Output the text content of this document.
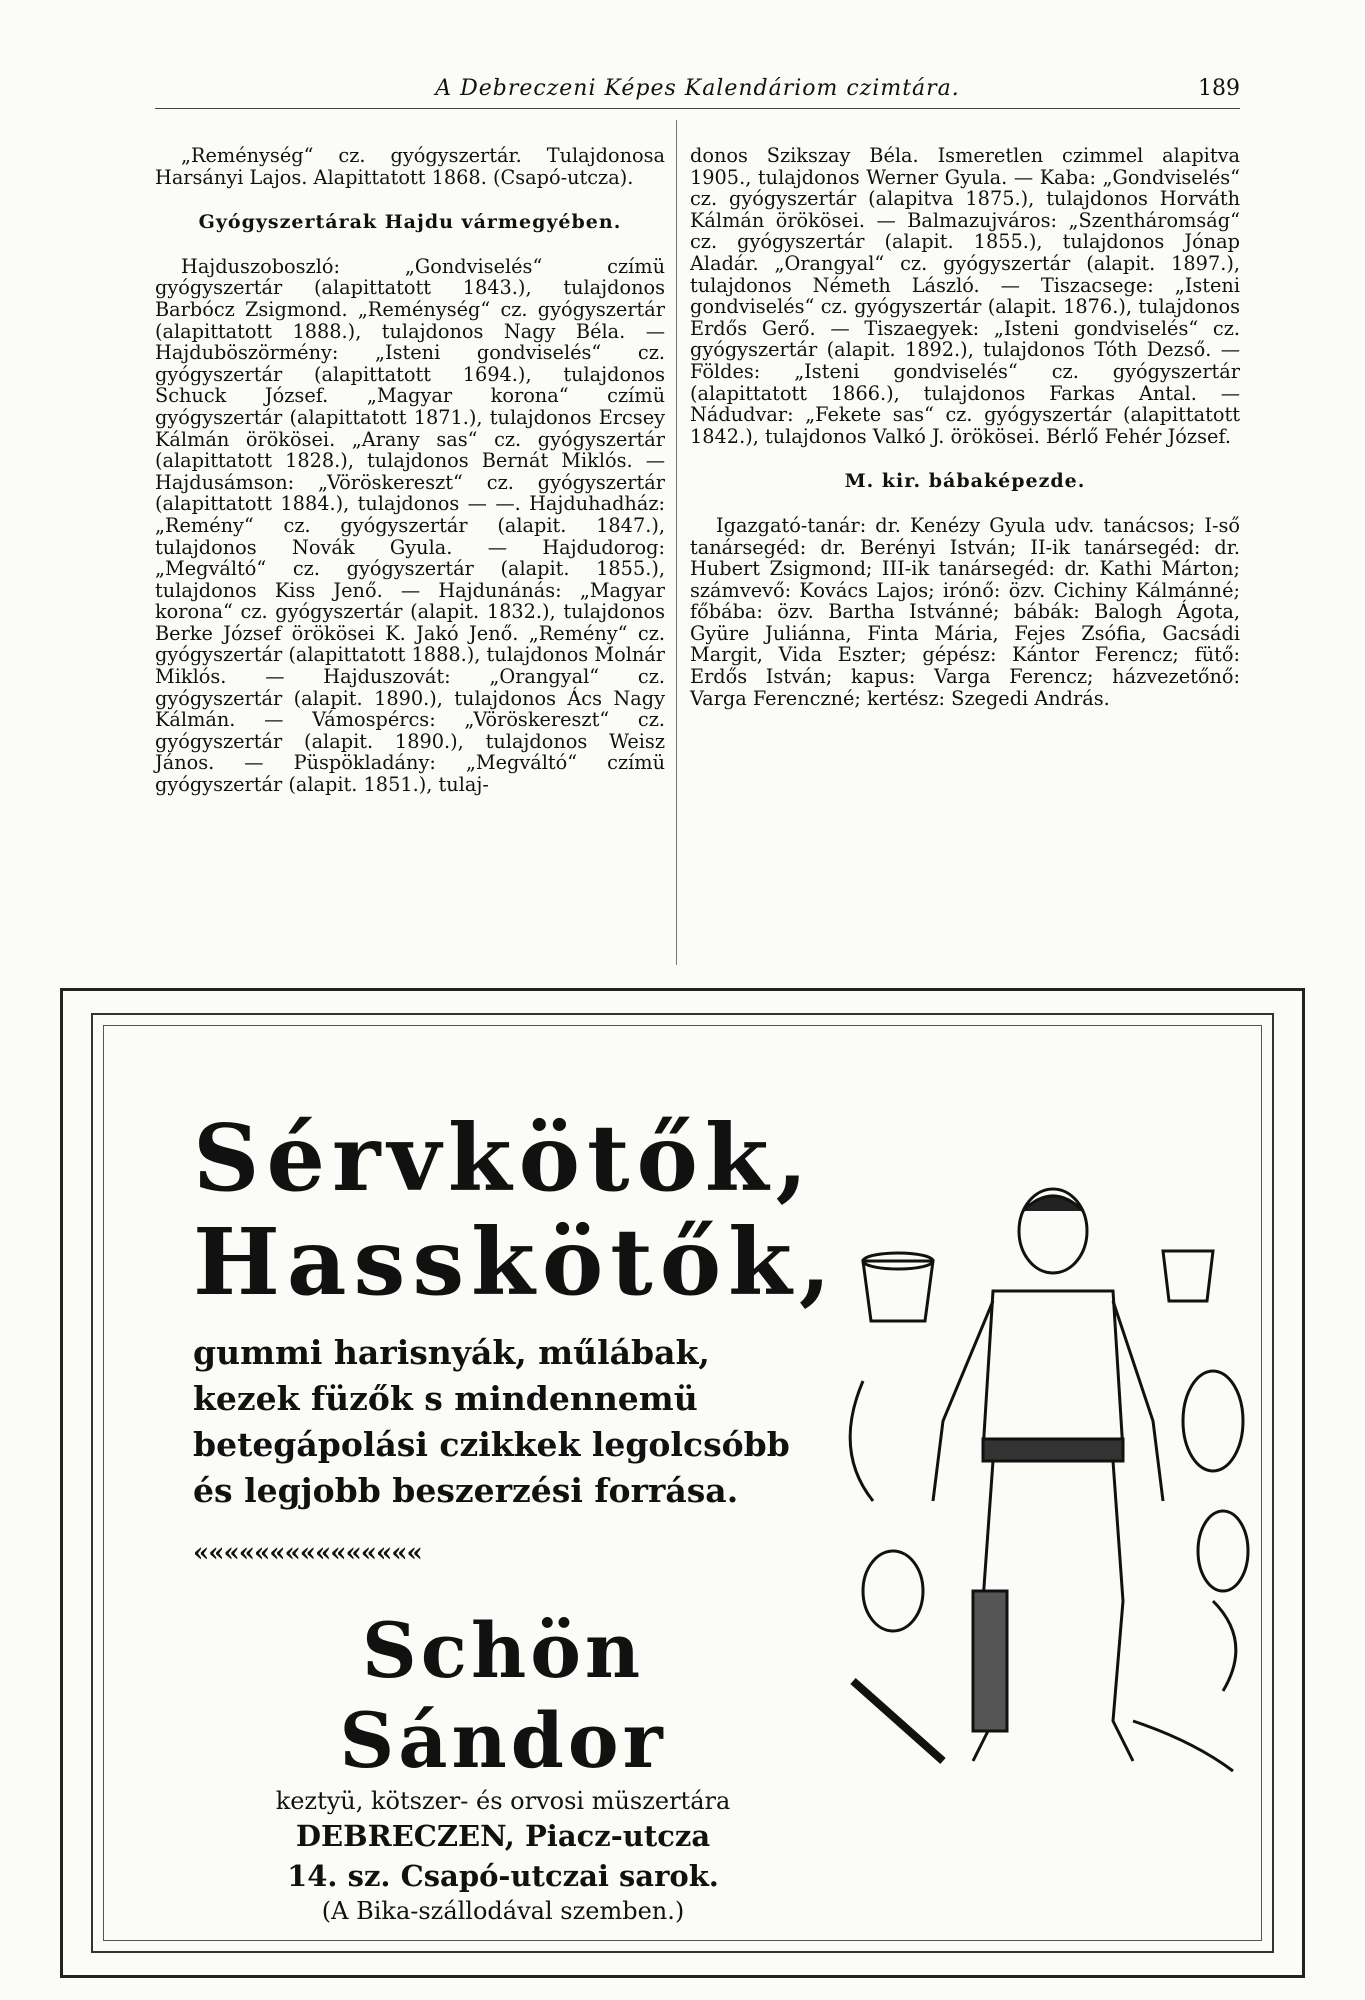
A Debreczeni Képes Kalendáriom czimtára.	189

„Reménység“ cz. gyógyszertár. Tulajdonosa Harsányi Lajos. Alapittatott 1868. (Csapó-utcza).

Gyógyszertárak Hajdu vármegyében.

Hajduszoboszló: „Gondviselés“ czímü gyógyszertár (alapittatott 1843.), tulajdonos Barbócz Zsigmond. „Reménység“ cz. gyógyszertár (alapittatott 1888.), tulajdonos Nagy Béla. — Hajduböszörmény: „Isteni gondviselés“ cz. gyógyszertár (alapittatott 1694.), tulajdonos Schuck József. „Magyar korona“ czímü gyógyszertár (alapittatott 1871.), tulajdonos Ercsey Kálmán örökösei. „Arany sas“ cz. gyógyszertár (alapittatott 1828.), tulajdonos Bernát Miklós. — Hajdusámson: „Vöröskereszt“ cz. gyógyszertár (alapittatott 1884.), tulajdonos — —. Hajduhadház: „Remény“ cz. gyógyszertár (alapit. 1847.), tulajdonos Novák Gyula. — Hajdudorog: „Megváltó“ cz. gyógyszertár (alapit. 1855.), tulajdonos Kiss Jenő. — Hajdunánás: „Magyar korona“ cz. gyógyszertár (alapit. 1832.), tulajdonos Berke József örökösei K. Jakó Jenő. „Remény“ cz. gyógyszertár (alapittatott 1888.), tulajdonos Molnár Miklós. — Hajduszovát: „Orangyal“ cz. gyógyszertár (alapit. 1890.), tulajdonos Ács Nagy Kálmán. — Vámospércs: „Vöröskereszt“ cz. gyógyszertár (alapit. 1890.), tulajdonos Weisz János. — Püspökladány: „Megváltó“ czímü gyógyszertár (alapit. 1851.), tulaj-

donos Szikszay Béla. Ismeretlen czimmel alapitva 1905., tulajdonos Werner Gyula. — Kaba: „Gondviselés“ cz. gyógyszertár (alapitva 1875.), tulajdonos Horváth Kálmán örökösei. — Balmazujváros: „Szentháromság“ cz. gyógyszertár (alapit. 1855.), tulajdonos Jónap Aladár. „Orangyal“ cz. gyógyszertár (alapit. 1897.), tulajdonos Németh László. — Tiszacsege: „Isteni gondviselés“ cz. gyógyszertár (alapit. 1876.), tulajdonos Erdős Gerő. — Tiszaegyek: „Isteni gondviselés“ cz. gyógyszertár (alapit. 1892.), tulajdonos Tóth Dezső. — Földes: „Isteni gondviselés“ cz. gyógyszertár (alapittatott 1866.), tulajdonos Farkas Antal. — Nádudvar: „Fekete sas“ cz. gyógyszertár (alapittatott 1842.), tulajdonos Valkó J. örökösei. Bérlő Fehér József.

M. kir. bábaképezde.

Igazgató-tanár: dr. Kenézy Gyula udv. tanácsos; I-ső tanársegéd: dr. Berényi István; II-ik tanársegéd: dr. Hubert Zsigmond; III-ik tanársegéd: dr. Kathi Márton; számvevő: Kovács Lajos; irónő: özv. Cichiny Kálmánné; főbába: özv. Bartha Istvánné; bábák: Balogh Ágota, Gyüre Juliánna, Finta Mária, Fejes Zsófia, Gacsádi Margit, Vida Eszter; gépész: Kántor Ferencz; fütő: Erdős István; kapus: Varga Ferencz; házvezetőnő: Varga Ferenczné; kertész: Szegedi András.

Sérvkötők,
Hasskötők,
gummi harisnyák, műlábak, kezek füzők s mindennemü betegápolási czikkek legolcsóbb és legjobb beszerzési forrása.
«««««««««««««««
Schön Sándor
keztyü, kötszer- és orvosi müszertára
DEBRECZEN, Piacz-utcza
14. sz. Csapó-utczai sarok.
(A Bika-szállodával szemben.)
